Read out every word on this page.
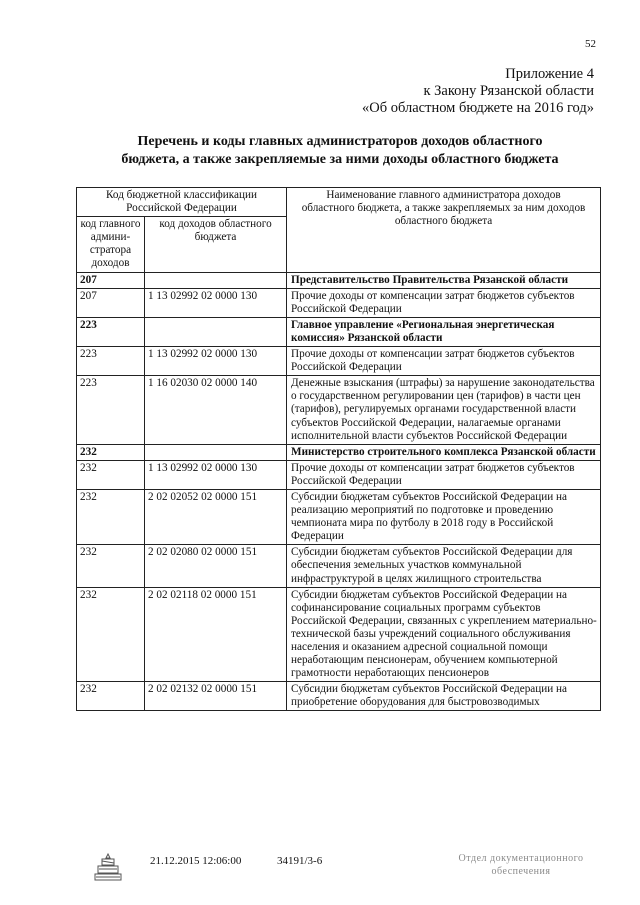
52
Приложение 4
к Закону Рязанской области
«Об областном бюджете на 2016 год»
Перечень и коды главных администраторов доходов областного
бюджета, а также закрепляемые за ними доходы областного бюджета
Код бюджетной классификации Российской Федерации		Наименование главного администратора доходов областного бюджета, а также закрепляемых за ним доходов областного бюджета
код главного админи-стратора доходов	код доходов областного бюджета	
207		Представительство Правительства Рязанской области
207	1 13 02992 02 0000 130	Прочие доходы от компенсации затрат бюджетов субъектов Российской Федерации
223		Главное управление «Региональная энергетическая комиссия» Рязанской области
223	1 13 02992 02 0000 130	Прочие доходы от компенсации затрат бюджетов субъектов Российской Федерации
223	1 16 02030 02 0000 140	Денежные взыскания (штрафы) за нарушение законодательства о государственном регулировании цен (тарифов) в части цен (тарифов), регулируемых органами государственной власти субъектов Российской Федерации, налагаемые органами исполнительной власти субъектов Российской Федерации
232		Министерство строительного комплекса Рязанской области
232	1 13 02992 02 0000 130	Прочие доходы от компенсации затрат бюджетов субъектов Российской Федерации
232	2 02 02052 02 0000 151	Субсидии бюджетам субъектов Российской Федерации на реализацию мероприятий по подготовке и проведению чемпионата мира по футболу в 2018 году в Российской Федерации
232	2 02 02080 02 0000 151	Субсидии бюджетам субъектов Российской Федерации для обеспечения земельных участков коммунальной инфраструктурой в целях жилищного строительства
232	2 02 02118 02 0000 151	Субсидии бюджетам субъектов Российской Федерации на софинансирование социальных программ субъектов Российской Федерации, связанных с укреплением материально-технической базы учреждений социального обслуживания населения и оказанием адресной социальной помощи неработающим пенсионерам, обучением компьютерной грамотности неработающих пенсионеров
232	2 02 02132 02 0000 151	Субсидии бюджетам субъектов Российской Федерации на приобретение оборудования для быстровозводимых
21.12.2015 12:06:00	34191/3-6	Отдел документационного
обеспечения
